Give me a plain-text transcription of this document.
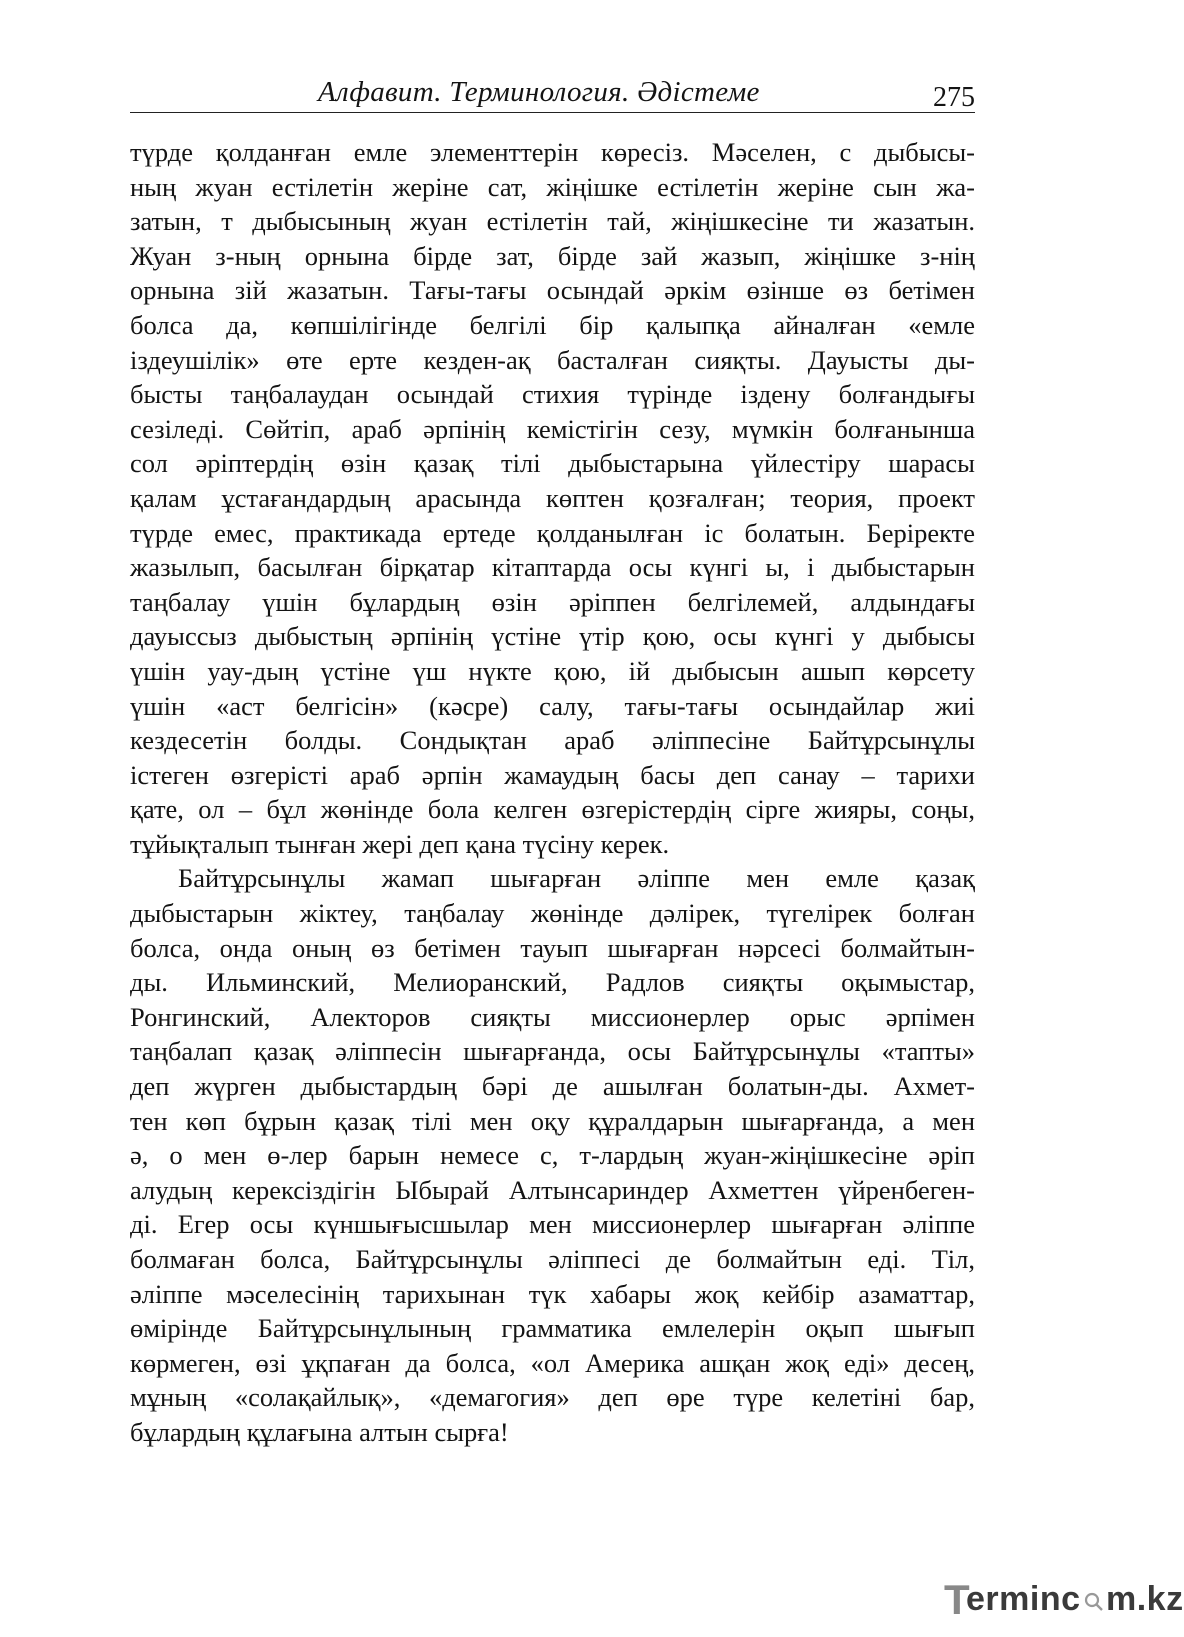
Алфавит. Терминология. Әдістеме	275
түрде қолданған емле элементтерін көресіз. Мәселен, с дыбысы-
ның жуан естілетін жеріне сат, жіңішке естілетін жеріне сын жа-
затын, т дыбысының жуан естілетін тай, жіңішкесіне ти жазатын.
Жуан з-ның орнына бірде зат, бірде зай жазып, жіңішке з-нің
орнына зій жазатын. Тағы-тағы осындай әркім өзінше өз бетімен
болса да, көпшілігінде белгілі бір қалыпқа айналған «емле
іздеушілік» өте ерте кезден-ақ басталған сияқты. Дауысты ды-
бысты таңбалаудан осындай стихия түрінде іздену болғандығы
сезіледі. Сөйтіп, араб әрпінің кемістігін сезу, мүмкін болғанынша
сол әріптердің өзін қазақ тілі дыбыстарына үйлестіру шарасы
қалам ұстағандардың арасында көптен қозғалған; теория, проект
түрде емес, практикада ертеде қолданылған іс болатын. Беріректе
жазылып, басылған бірқатар кітаптарда осы күнгі ы, і дыбыстарын
таңбалау үшін бұлардың өзін әріппен белгілемей, алдындағы
дауыссыз дыбыстың әрпінің үстіне үтір қою, осы күнгі у дыбысы
үшін уау-дың үстіне үш нүкте қою, ій дыбысын ашып көрсету
үшін «аст белгісін» (кәсре) салу, тағы-тағы осындайлар жиі
кездесетін болды. Сондықтан араб әліппесіне Байтұрсынұлы
істеген өзгерісті араб әрпін жамаудың басы деп санау – тарихи
қате, ол – бұл жөнінде бола келген өзгерістердің сірге жияры, соңы,
тұйықталып тынған жері деп қана түсіну керек.
Байтұрсынұлы жамап шығарған әліппе мен емле қазақ
дыбыстарын жіктеу, таңбалау жөнінде дәлірек, түгелірек болған
болса, онда оның өз бетімен тауып шығарған нәрсесі болмайтын-
ды. Ильминский, Мелиоранский, Радлов сияқты оқымыстар,
Ронгинский, Алекторов сияқты миссионерлер орыс әрпімен
таңбалап қазақ әліппесін шығарғанда, осы Байтұрсынұлы «тапты»
деп жүрген дыбыстардың бәрі де ашылған болатын-ды. Ахмет-
тен көп бұрын қазақ тілі мен оқу құралдарын шығарғанда, а мен
ә, о мен ө-лер барын немесе с, т-лардың жуан-жіңішкесіне әріп
алудың керексіздігін Ыбырай Алтынсариндер Ахметтен үйренбеген-
ді. Егер осы күншығысшылар мен миссионерлер шығарған әліппе
болмаған болса, Байтұрсынұлы әліппесі де болмайтын еді. Тіл,
әліппе мәселесінің тарихынан түк хабары жоқ кейбір азаматтар,
өмірінде Байтұрсынұлының грамматика емлелерін оқып шығып
көрмеген, өзі ұқпаған да болса, «ол Америка ашқан жоқ еді» десең,
мұның «солақайлық», «демагогия» деп өре түре келетіні бар,
бұлардың құлағына алтын сырға!
T
erminc m.kz
